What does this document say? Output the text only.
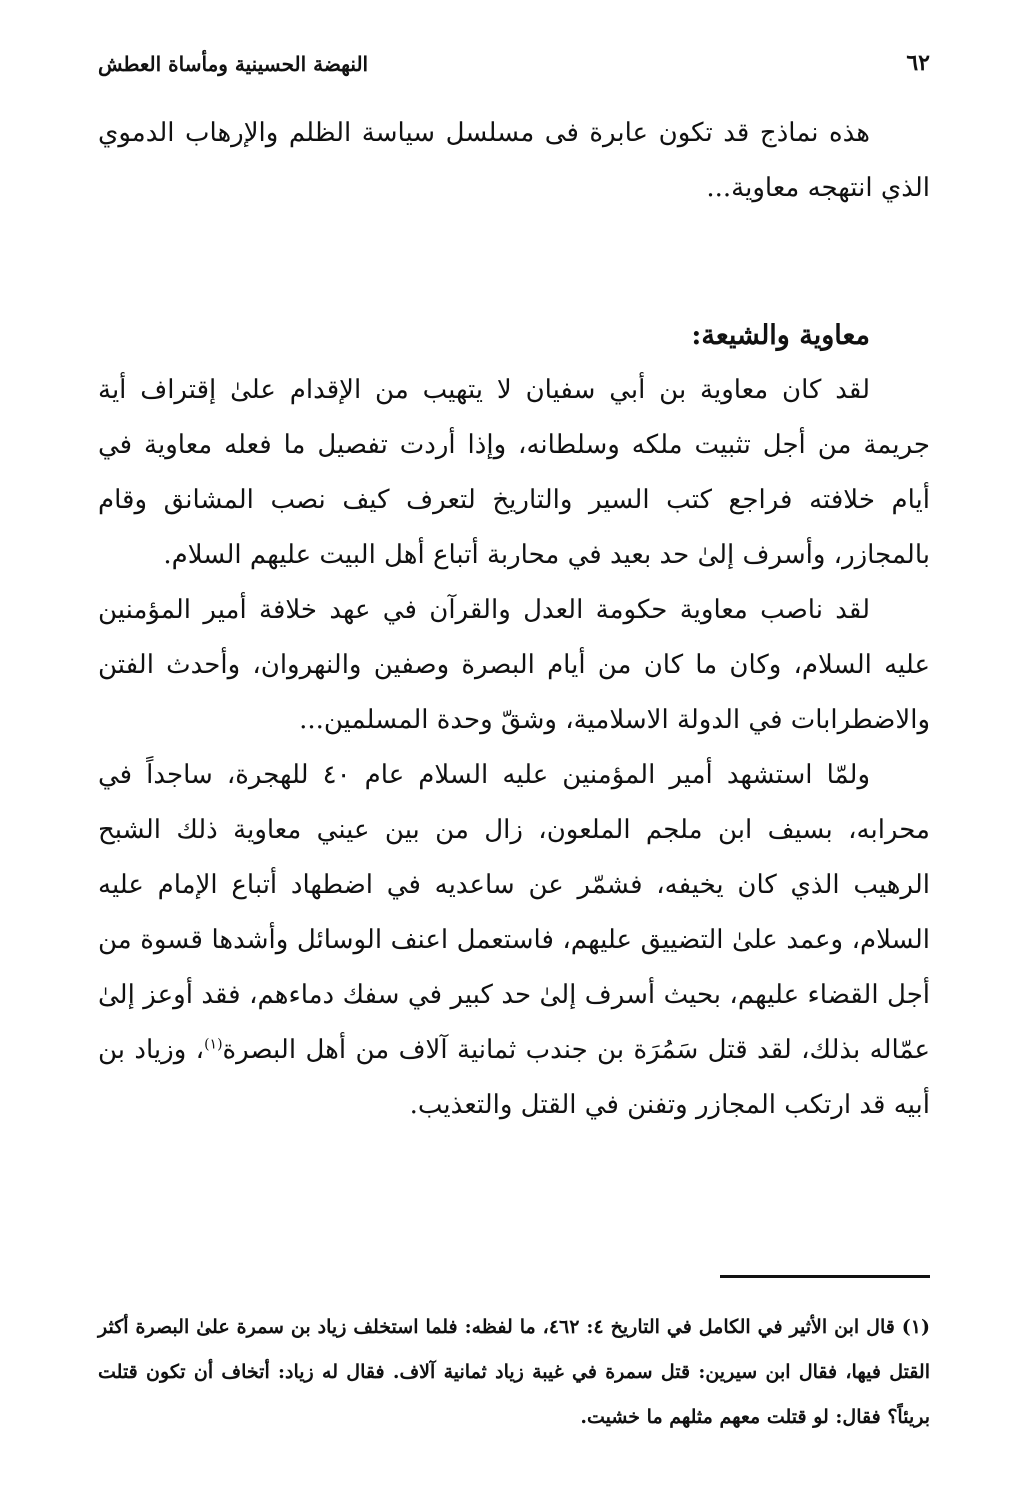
٦٢
النهضة الحسينية ومأساة العطش

هذه نماذج قد تكون عابرة فى مسلسل سياسة الظلم والإرهاب الدموي الذي انتهجه معاوية...

معاوية والشيعة:

لقد كان معاوية بن أبي سفيان لا يتهيب من الإقدام علىٰ إقتراف أية جريمة من أجل تثبيت ملكه وسلطانه، وإذا أردت تفصيل ما فعله معاوية في أيام خلافته فراجع كتب السير والتاريخ لتعرف كيف نصب المشانق وقام بالمجازر، وأسرف إلىٰ حد بعيد في محاربة أتباع أهل البيت عليهم السلام.

لقد ناصب معاوية حكومة العدل والقرآن في عهد خلافة أمير المؤمنين عليه السلام، وكان ما كان من أيام البصرة وصفين والنهروان، وأحدث الفتن والاضطرابات في الدولة الاسلامية، وشقّ وحدة المسلمين...

ولمّا استشهد أمير المؤمنين عليه السلام عام ٤٠ للهجرة، ساجداً في محرابه، بسيف ابن ملجم الملعون، زال من بين عيني معاوية ذلك الشبح الرهيب الذي كان يخيفه، فشمّر عن ساعديه في اضطهاد أتباع الإمام عليه السلام، وعمد علىٰ التضييق عليهم، فاستعمل اعنف الوسائل وأشدها قسوة من أجل القضاء عليهم، بحيث أسرف إلىٰ حد كبير في سفك دماءهم، فقد أوعز إلىٰ عمّاله بذلك، لقد قتل سَمُرَة بن جندب ثمانية آلاف من أهل البصرة$^{(١)}$، وزياد بن أبيه قد ارتكب المجازر وتفنن في القتل والتعذيب.

(١) قال ابن الأثير في الكامل في التاريخ ٤: ٤٦٢، ما لفظه: فلما استخلف زياد بن سمرة علىٰ البصرة أكثر القتل فيها، فقال ابن سيرين: قتل سمرة في غيبة زياد ثمانية آلاف. فقال له زياد: أتخاف أن تكون قتلت بريئاً؟ فقال: لو قتلت معهم مثلهم ما خشيت.
